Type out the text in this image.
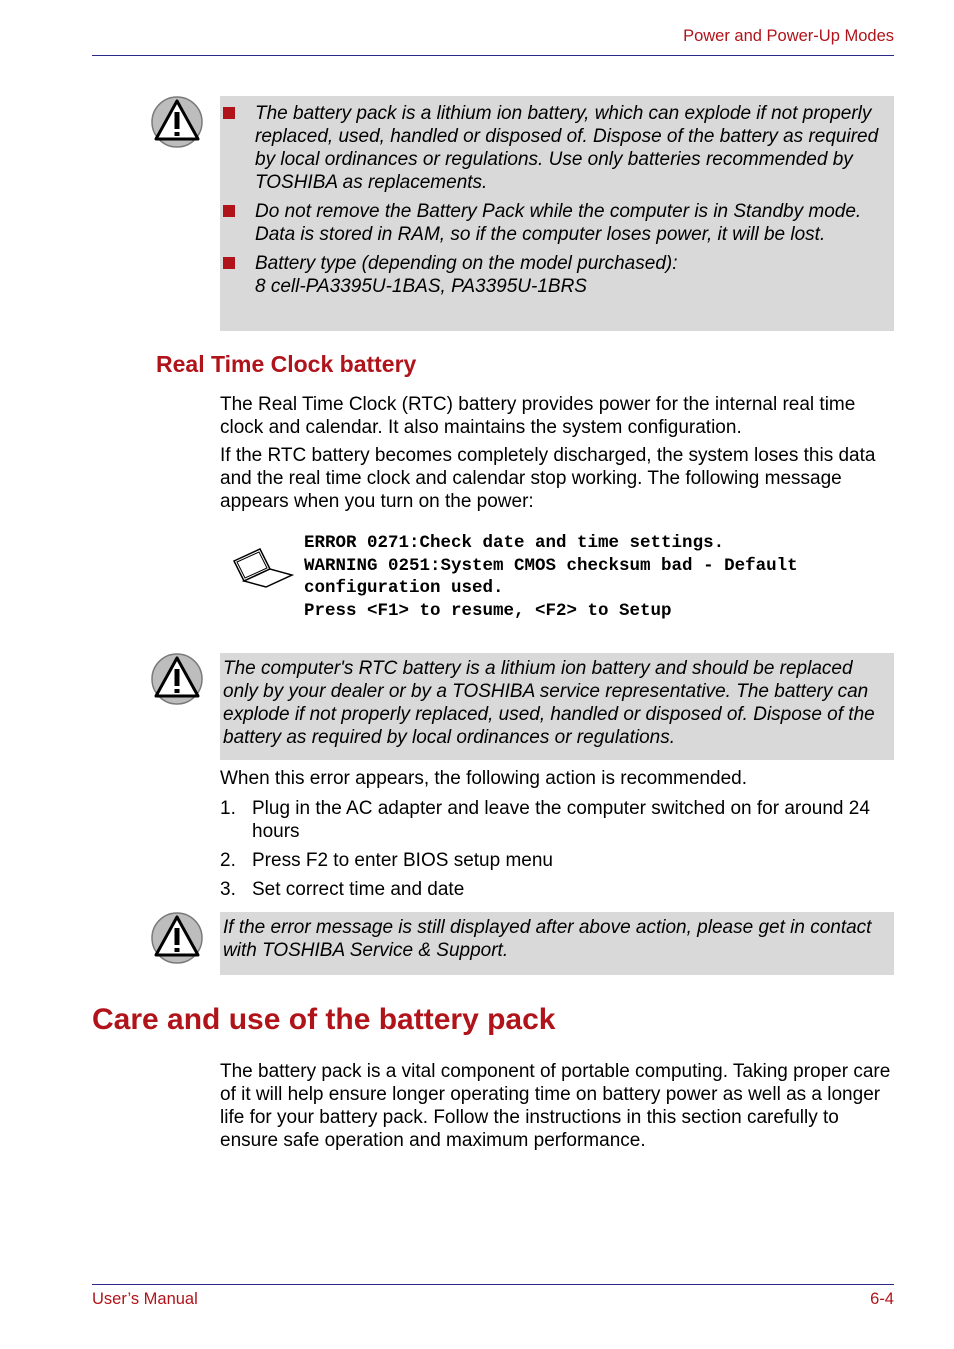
Power and Power-Up Modes
The battery pack is a lithium ion battery, which can explode if not properly replaced, used, handled or disposed of. Dispose of the battery as required by local ordinances or regulations. Use only batteries recommended by TOSHIBA as replacements.
Do not remove the Battery Pack while the computer is in Standby mode. Data is stored in RAM, so if the computer loses power, it will be lost.
Battery type (depending on the model purchased):
8 cell-PA3395U-1BAS, PA3395U-1BRS
Real Time Clock battery
The Real Time Clock (RTC) battery provides power for the internal real time clock and calendar. It also maintains the system configuration.
If the RTC battery becomes completely discharged, the system loses this data and the real time clock and calendar stop working. The following message appears when you turn on the power:
ERROR 0271:Check date and time settings.
WARNING 0251:System CMOS checksum bad - Default
configuration used.
Press <F1> to resume, <F2> to Setup
The computer's RTC battery is a lithium ion battery and should be replaced only by your dealer or by a TOSHIBA service representative. The battery can explode if not properly replaced, used, handled or disposed of. Dispose of the battery as required by local ordinances or regulations.
When this error appears, the following action is recommended.
1. Plug in the AC adapter and leave the computer switched on for around 24 hours
2. Press F2 to enter BIOS setup menu
3. Set correct time and date
If the error message is still displayed after above action, please get in contact with TOSHIBA Service & Support.
Care and use of the battery pack
The battery pack is a vital component of portable computing. Taking proper care of it will help ensure longer operating time on battery power as well as a longer life for your battery pack. Follow the instructions in this section carefully to ensure safe operation and maximum performance.
User’s Manual	6-4
